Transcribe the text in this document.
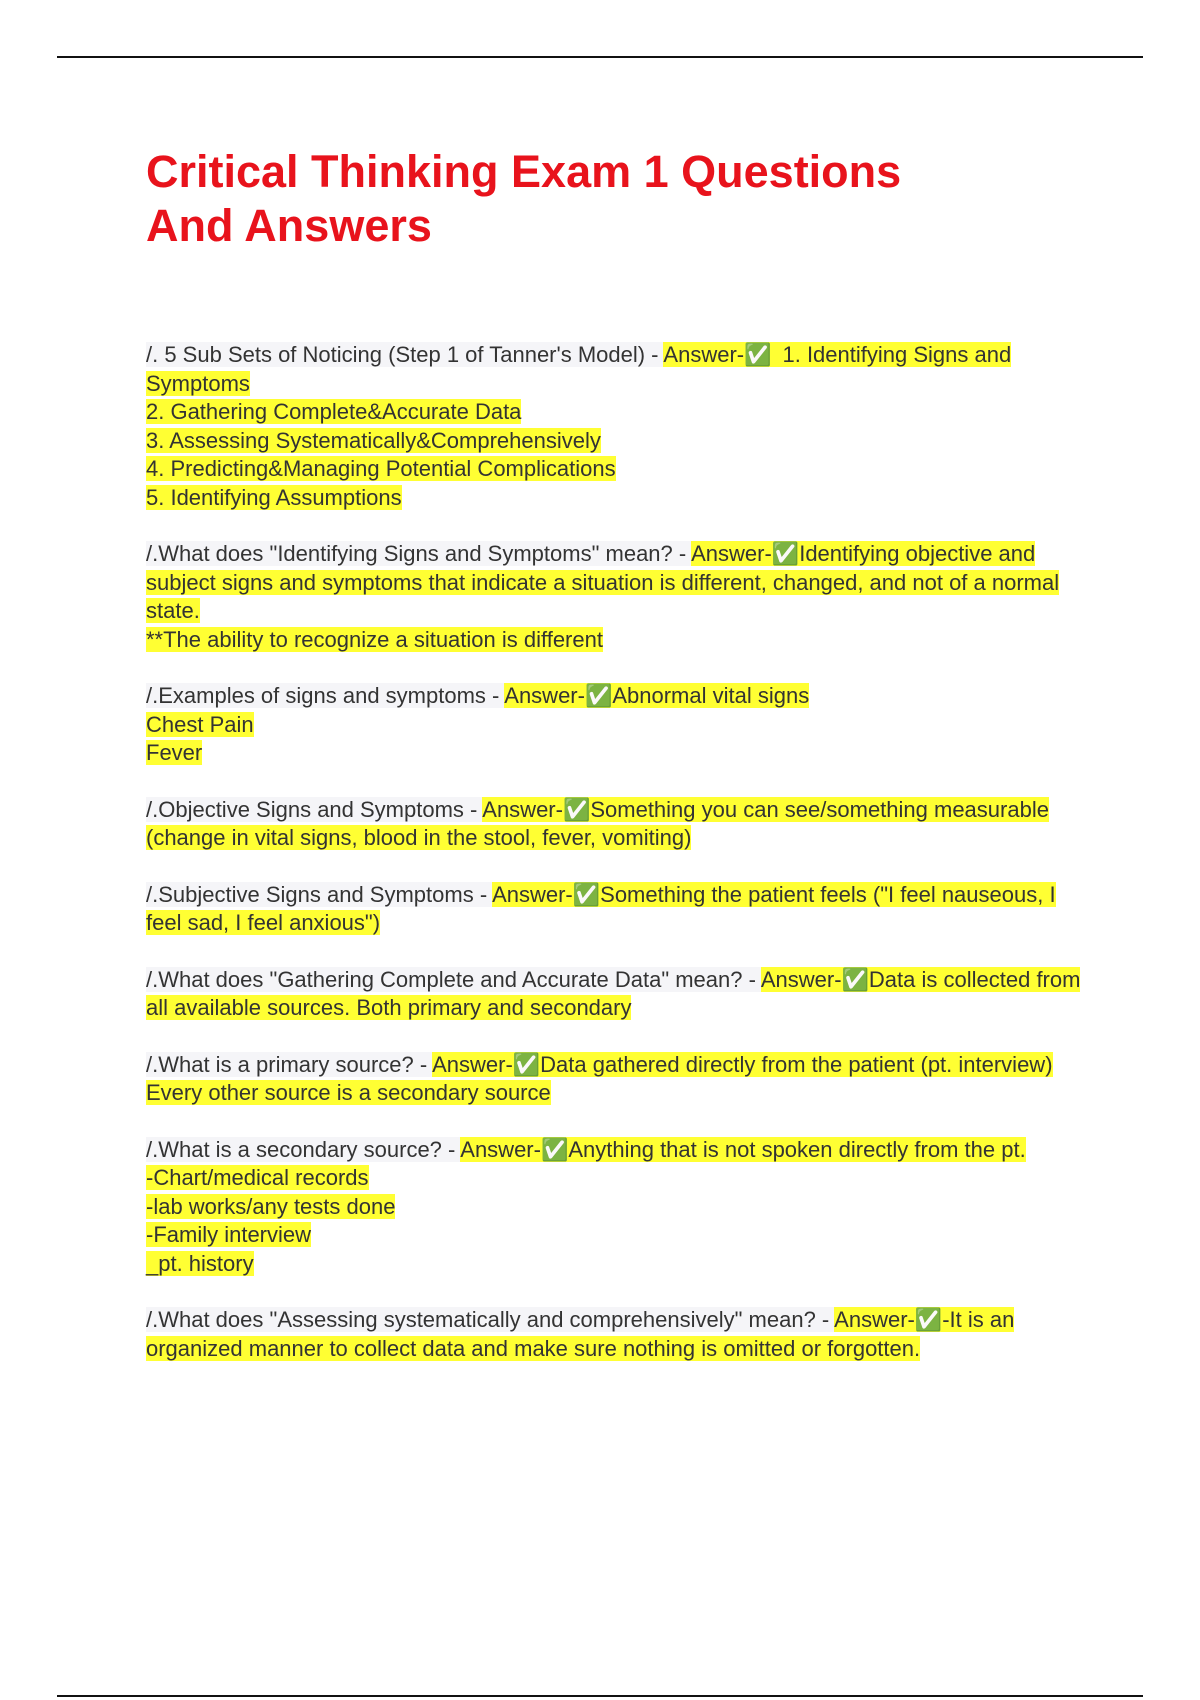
Critical Thinking Exam 1 Questions
And Answers

/. 5 Sub Sets of Noticing (Step 1 of Tanner's Model) - Answer-✅ 1. Identifying Signs and Symptoms
2. Gathering Complete&Accurate Data
3. Assessing Systematically&Comprehensively
4. Predicting&Managing Potential Complications
5. Identifying Assumptions

/.What does "Identifying Signs and Symptoms" mean? - Answer-✅Identifying objective and subject signs and symptoms that indicate a situation is different, changed, and not of a normal state.
**The ability to recognize a situation is different

/.Examples of signs and symptoms - Answer-✅Abnormal vital signs
Chest Pain
Fever

/.Objective Signs and Symptoms - Answer-✅Something you can see/something measurable (change in vital signs, blood in the stool, fever, vomiting)

/.Subjective Signs and Symptoms - Answer-✅Something the patient feels ("I feel nauseous, I feel sad, I feel anxious")

/.What does "Gathering Complete and Accurate Data" mean? - Answer-✅Data is collected from all available sources. Both primary and secondary

/.What is a primary source? - Answer-✅Data gathered directly from the patient (pt. interview)
Every other source is a secondary source

/.What is a secondary source? - Answer-✅Anything that is not spoken directly from the pt.
-Chart/medical records
-lab works/any tests done
-Family interview
_pt. history

/.What does "Assessing systematically and comprehensively" mean? - Answer-✅-It is an organized manner to collect data and make sure nothing is omitted or forgotten.
